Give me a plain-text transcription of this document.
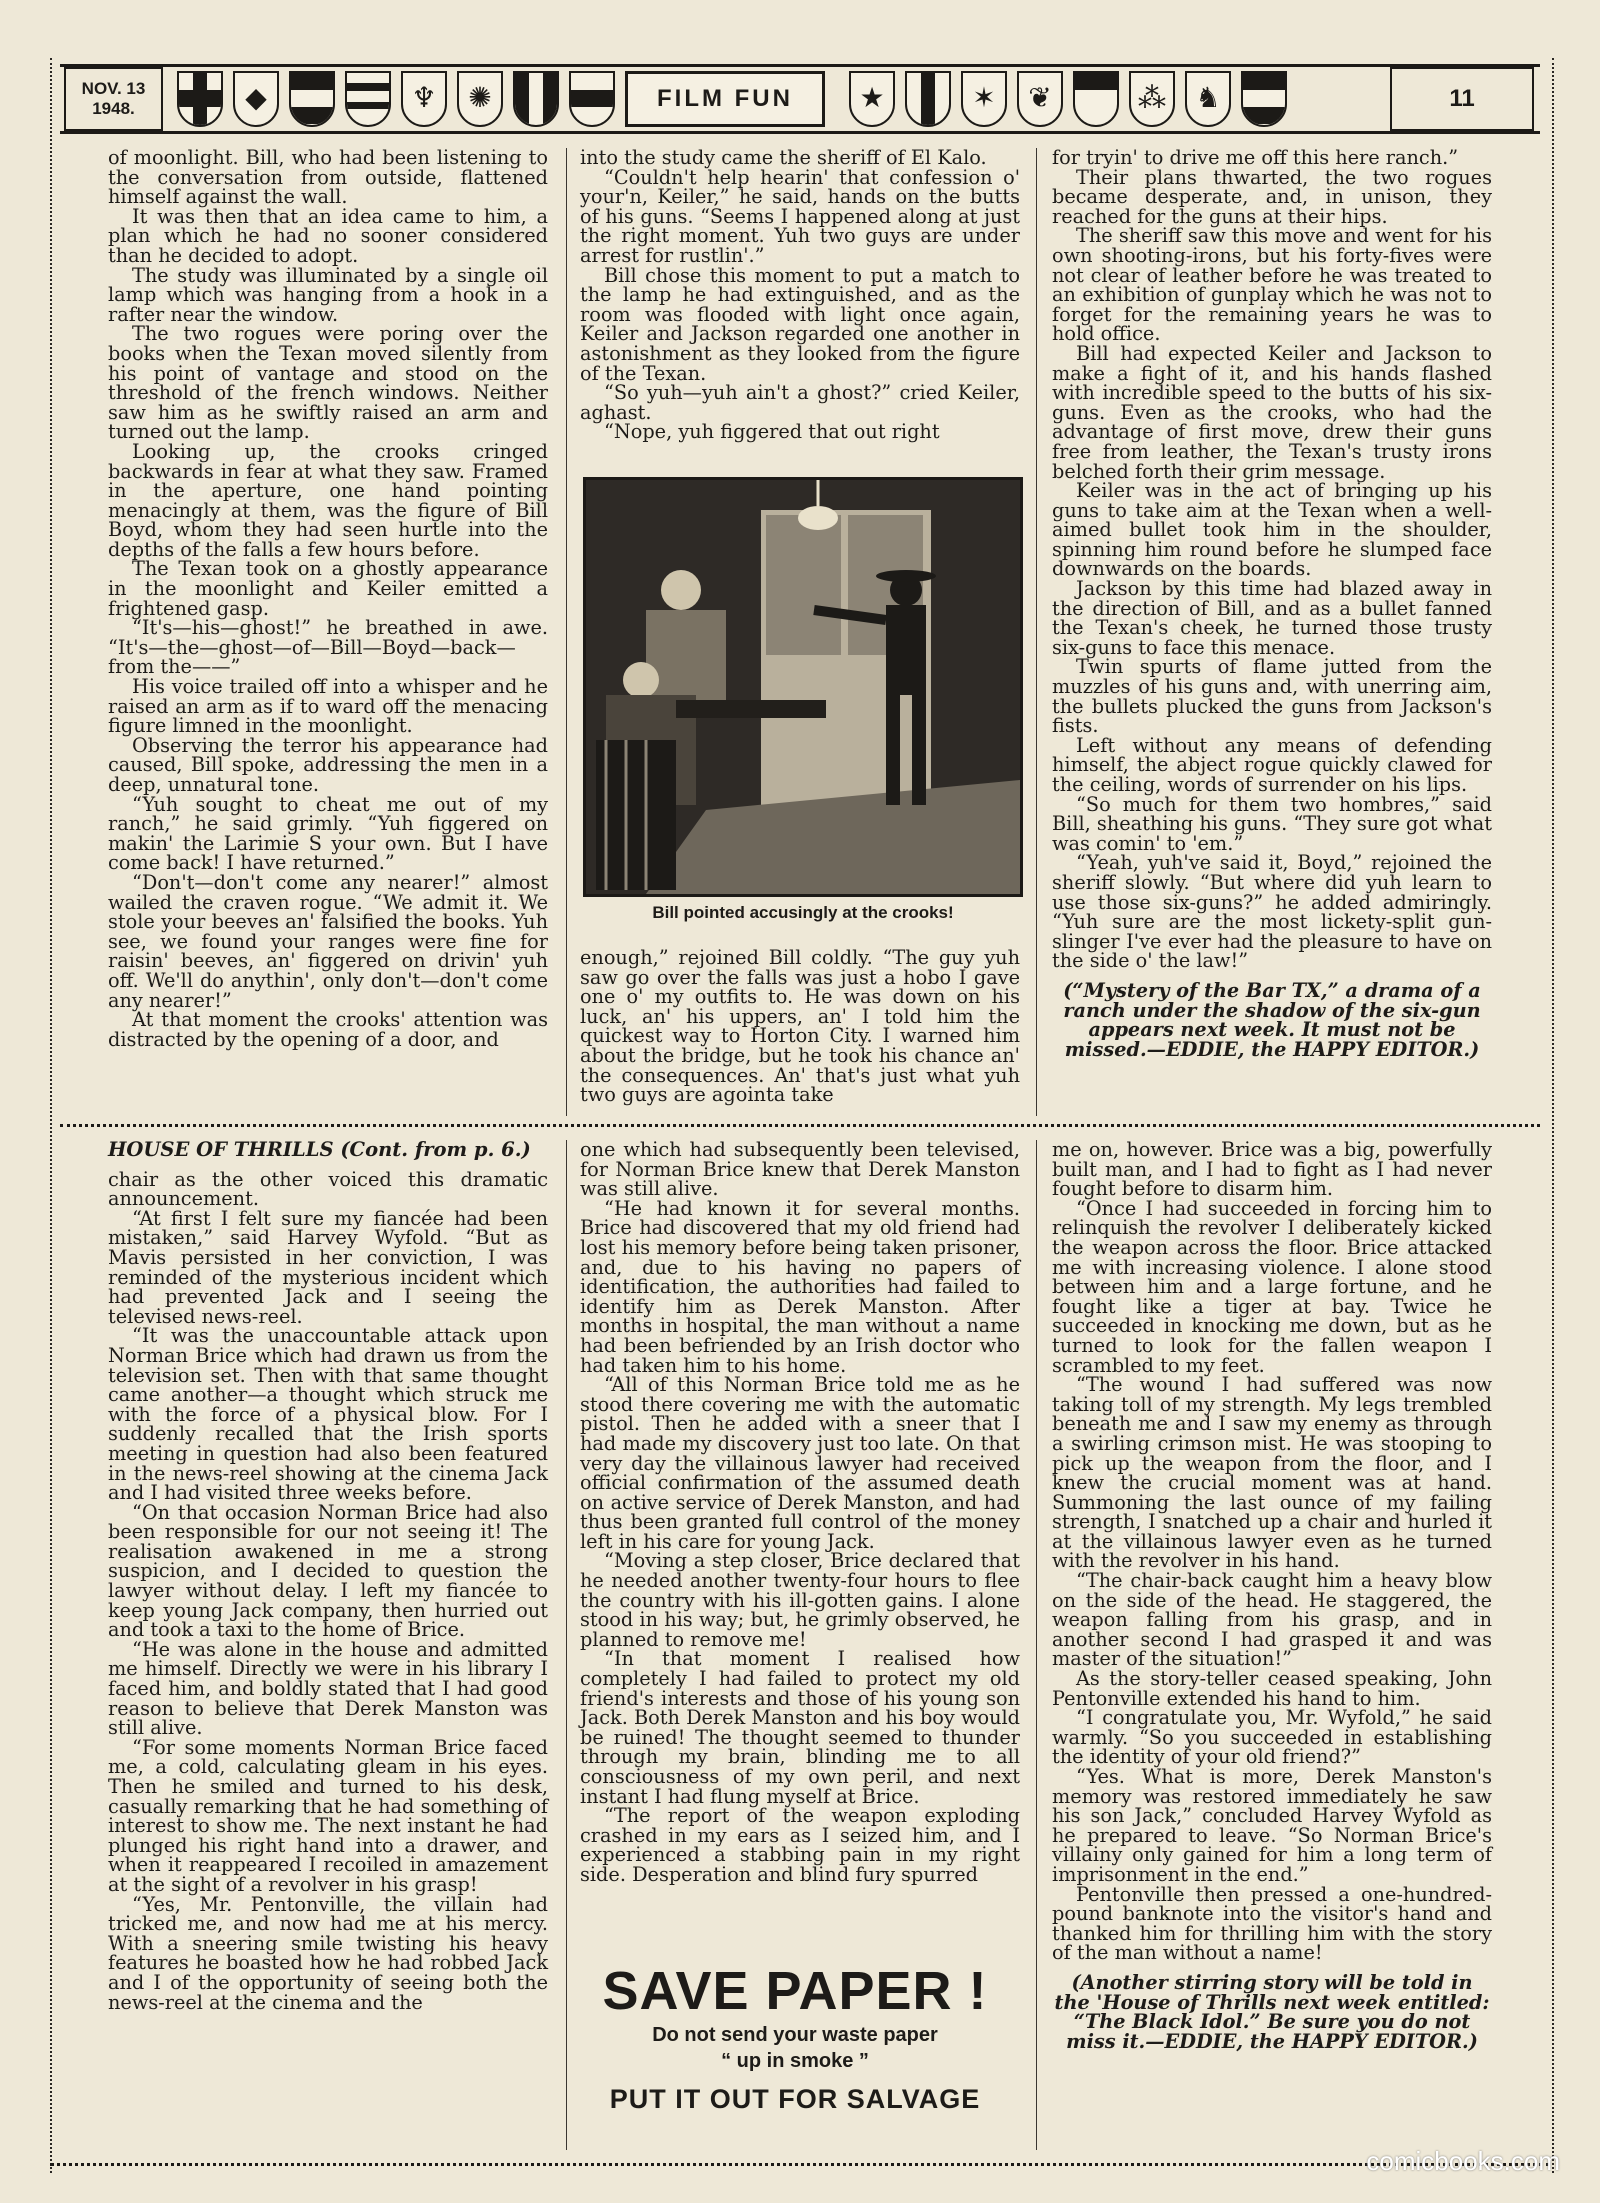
NOV. 13
1948.	◆	♆	✺	FILM FUN	★	✶	❦	⁂	♞	11

of moonlight. Bill, who had been listening to the conversation from outside, flattened himself against the wall.

It was then that an idea came to him, a plan which he had no sooner considered than he decided to adopt.

The study was illuminated by a single oil lamp which was hanging from a hook in a rafter near the window.

The two rogues were poring over the books when the Texan moved silently from his point of vantage and stood on the threshold of the french windows. Neither saw him as he swiftly raised an arm and turned out the lamp.

Looking up, the crooks cringed backwards in fear at what they saw. Framed in the aperture, one hand pointing menacingly at them, was the figure of Bill Boyd, whom they had seen hurtle into the depths of the falls a few hours before.

The Texan took on a ghostly appearance in the moonlight and Keiler emitted a frightened gasp.

“It's—his—ghost!” he breathed in awe. “It's—the—ghost—of—Bill—Boyd—back—from the——”

His voice trailed off into a whisper and he raised an arm as if to ward off the menacing figure limned in the moonlight.

Observing the terror his appearance had caused, Bill spoke, addressing the men in a deep, unnatural tone.

“Yuh sought to cheat me out of my ranch,” he said grimly. “Yuh figgered on makin' the Larimie S your own. But I have come back! I have returned.”

“Don't—don't come any nearer!” almost wailed the craven rogue. “We admit it. We stole your beeves an' falsified the books. Yuh see, we found your ranges were fine for raisin' beeves, an' figgered on drivin' yuh off. We'll do anythin', only don't—don't come any nearer!”

At that moment the crooks' attention was distracted by the opening of a door, and

into the study came the sheriff of El Kalo.

“Couldn't help hearin' that confession o' your'n, Keiler,” he said, hands on the butts of his guns. “Seems I happened along at just the right moment. Yuh two guys are under arrest for rustlin'.”

Bill chose this moment to put a match to the lamp he had extinguished, and as the room was flooded with light once again, Keiler and Jackson regarded one another in astonishment as they looked from the figure of the Texan.

“So yuh—yuh ain't a ghost?” cried Keiler, aghast.

“Nope, yuh figgered that out right

Bill pointed accusingly at the crooks!

enough,” rejoined Bill coldly. “The guy yuh saw go over the falls was just a hobo I gave one o' my outfits to. He was down on his luck, an' his uppers, an' I told him the quickest way to Horton City. I warned him about the bridge, but he took his chance an' the consequences. An' that's just what yuh two guys are agointa take

for tryin' to drive me off this here ranch.”

Their plans thwarted, the two rogues became desperate, and, in unison, they reached for the guns at their hips.

The sheriff saw this move and went for his own shooting-irons, but his forty-fives were not clear of leather before he was treated to an exhibition of gunplay which he was not to forget for the remaining years he was to hold office.

Bill had expected Keiler and Jackson to make a fight of it, and his hands flashed with incredible speed to the butts of his six-guns. Even as the crooks, who had the advantage of first move, drew their guns free from leather, the Texan's trusty irons belched forth their grim message.

Keiler was in the act of bringing up his guns to take aim at the Texan when a well-aimed bullet took him in the shoulder, spinning him round before he slumped face downwards on the boards.

Jackson by this time had blazed away in the direction of Bill, and as a bullet fanned the Texan's cheek, he turned those trusty six-guns to face this menace.

Twin spurts of flame jutted from the muzzles of his guns and, with unerring aim, the bullets plucked the guns from Jackson's fists.

Left without any means of defending himself, the abject rogue quickly clawed for the ceiling, words of surrender on his lips.

“So much for them two hombres,” said Bill, sheathing his guns. “They sure got what was comin' to 'em.”

“Yeah, yuh've said it, Boyd,” rejoined the sheriff slowly. “But where did yuh learn to use those six-guns?” he added admiringly. “Yuh sure are the most lickety-split gun-slinger I've ever had the pleasure to have on the side o' the law!”

(“Mystery of the Bar TX,” a drama of a ranch under the shadow of the six-gun appears next week. It must not be missed.—EDDIE, the HAPPY EDITOR.)

HOUSE OF THRILLS (Cont. from p. 6.)

chair as the other voiced this dramatic announcement.

“At first I felt sure my fiancée had been mistaken,” said Harvey Wyfold. “But as Mavis persisted in her conviction, I was reminded of the mysterious incident which had prevented Jack and I seeing the televised news-reel.

“It was the unaccountable attack upon Norman Brice which had drawn us from the television set. Then with that same thought came another—a thought which struck me with the force of a physical blow. For I suddenly recalled that the Irish sports meeting in question had also been featured in the news-reel showing at the cinema Jack and I had visited three weeks before.

“On that occasion Norman Brice had also been responsible for our not seeing it! The realisation awakened in me a strong suspicion, and I decided to question the lawyer without delay. I left my fiancée to keep young Jack company, then hurried out and took a taxi to the home of Brice.

“He was alone in the house and admitted me himself. Directly we were in his library I faced him, and boldly stated that I had good reason to believe that Derek Manston was still alive.

“For some moments Norman Brice faced me, a cold, calculating gleam in his eyes. Then he smiled and turned to his desk, casually remarking that he had something of interest to show me. The next instant he had plunged his right hand into a drawer, and when it reappeared I recoiled in amazement at the sight of a revolver in his grasp!

“Yes, Mr. Pentonville, the villain had tricked me, and now had me at his mercy. With a sneering smile twisting his heavy features he boasted how he had robbed Jack and I of the opportunity of seeing both the news-reel at the cinema and the

one which had subsequently been televised, for Norman Brice knew that Derek Manston was still alive.

“He had known it for several months. Brice had discovered that my old friend had lost his memory before being taken prisoner, and, due to his having no papers of identification, the authorities had failed to identify him as Derek Manston. After months in hospital, the man without a name had been befriended by an Irish doctor who had taken him to his home.

“All of this Norman Brice told me as he stood there covering me with the automatic pistol. Then he added with a sneer that I had made my discovery just too late. On that very day the villainous lawyer had received official confirmation of the assumed death on active service of Derek Manston, and had thus been granted full control of the money left in his care for young Jack.

“Moving a step closer, Brice declared that he needed another twenty-four hours to flee the country with his ill-gotten gains. I alone stood in his way; but, he grimly observed, he planned to remove me!

“In that moment I realised how completely I had failed to protect my old friend's interests and those of his young son Jack. Both Derek Manston and his boy would be ruined! The thought seemed to thunder through my brain, blinding me to all consciousness of my own peril, and next instant I had flung myself at Brice.

“The report of the weapon exploding crashed in my ears as I seized him, and I experienced a stabbing pain in my right side. Desperation and blind fury spurred

SAVE PAPER !
Do not send your waste paper
“ up in smoke ”
PUT IT OUT FOR SALVAGE

me on, however. Brice was a big, powerfully built man, and I had to fight as I had never fought before to disarm him.

“Once I had succeeded in forcing him to relinquish the revolver I deliberately kicked the weapon across the floor. Brice attacked me with increasing violence. I alone stood between him and a large fortune, and he fought like a tiger at bay. Twice he succeeded in knocking me down, but as he turned to look for the fallen weapon I scrambled to my feet.

“The wound I had suffered was now taking toll of my strength. My legs trembled beneath me and I saw my enemy as through a swirling crimson mist. He was stooping to pick up the weapon from the floor, and I knew the crucial moment was at hand. Summoning the last ounce of my failing strength, I snatched up a chair and hurled it at the villainous lawyer even as he turned with the revolver in his hand.

“The chair-back caught him a heavy blow on the side of the head. He staggered, the weapon falling from his grasp, and in another second I had grasped it and was master of the situation!”

As the story-teller ceased speaking, John Pentonville extended his hand to him.

“I congratulate you, Mr. Wyfold,” he said warmly. “So you succeeded in establishing the identity of your old friend?”

“Yes. What is more, Derek Manston's memory was restored immediately he saw his son Jack,” concluded Harvey Wyfold as he prepared to leave. “So Norman Brice's villainy only gained for him a long term of imprisonment in the end.”

Pentonville then pressed a one-hundred-pound banknote into the visitor's hand and thanked him for thrilling him with the story of the man without a name!

(Another stirring story will be told in the 'House of Thrills next week entitled: “The Black Idol.” Be sure you do not miss it.—EDDIE, the HAPPY EDITOR.)

comicbooks.com
